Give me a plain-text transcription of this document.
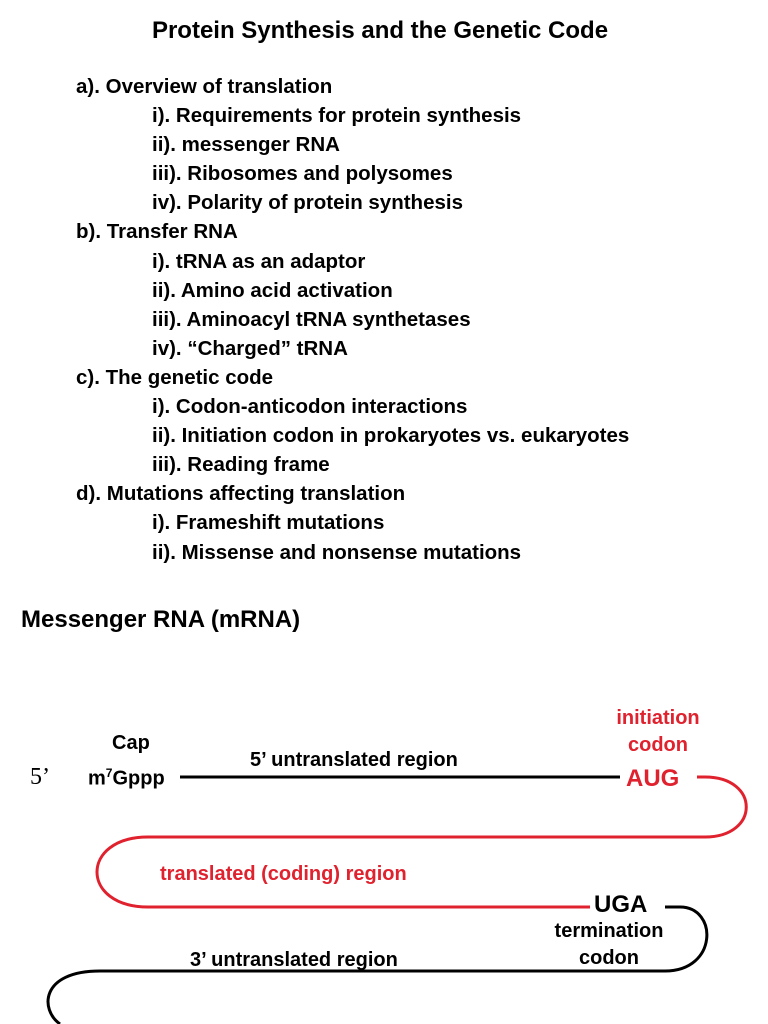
Protein Synthesis and the Genetic Code
a). Overview of translation
i). Requirements for protein synthesis
ii). messenger RNA
iii). Ribosomes and polysomes
iv). Polarity of protein synthesis
b). Transfer RNA
i). tRNA as an adaptor
ii). Amino acid activation
iii). Aminoacyl tRNA synthetases
iv). “Charged” tRNA
c). The genetic code
i). Codon-anticodon interactions
ii). Initiation codon in prokaryotes vs. eukaryotes
iii). Reading frame
d). Mutations affecting translation
i). Frameshift mutations
ii). Missense and nonsense mutations
Messenger RNA (mRNA)
5’
Cap
$m^7Gppp$
5’ untranslated region
initiation
codon
AUG
translated (coding) region
UGA
termination
codon
3’ untranslated region
